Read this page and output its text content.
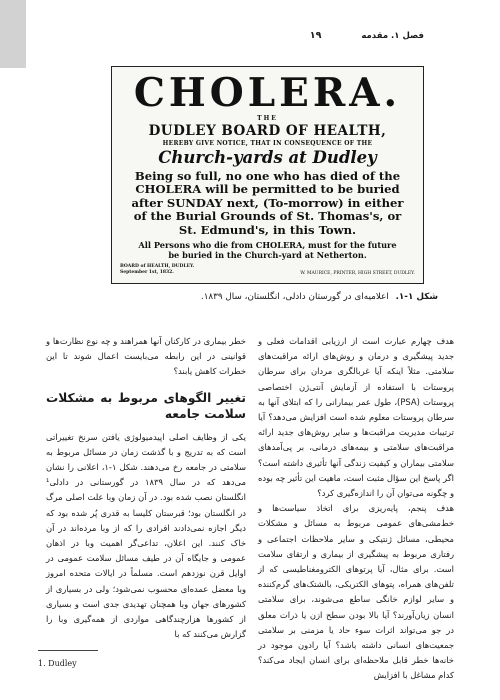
فصل ۱. مقدمه
۱۹
CHOLERA.
THE
DUDLEY BOARD OF HEALTH,
HEREBY GIVE NOTICE, THAT IN CONSEQUENCE OF THE
Church-yards at Dudley
Being so full, no one who has died of the
CHOLERA will be permitted to be buried
after SUNDAY next, (To-morrow) in either
of the Burial Grounds of St. Thomas's, or
St. Edmund's, in this Town.
All Persons who die from CHOLERA, must for the future
be buried in the Church-yard at Netherton.
BOARD of HEALTH, DUDLEY.
September 1st, 1832.	W. MAURICE, PRINTER, HIGH STREET, DUDLEY.
شکل ۱-۱. اعلامیه‌ای در گورستان دادلی، انگلستان، سال ۱۸۳۹.

هدف چهارم عبارت است از ارزیابی اقدامات فعلی و جدید پیشگیری و درمان و روش‌های ارائه مراقبت‌های سلامتی. مثلاً اینکه آیا غربالگری مردان برای سرطان پروستات با استفاده از آزمایش آنتی‌ژن اختصاصی پروستات (PSA)، طول عمر بیمارانی را که ابتلای آنها به سرطان پروستات معلوم شده است افزایش می‌دهد؟ آیا ترتیبات مدیریت مراقبت‌ها و سایر روش‌های جدید ارائه مراقبت‌های سلامتی و بیمه‌های درمانی، بر پی‌آمدهای سلامتی بیماران و کیفیت زندگی آنها تأثیری داشته است؟ اگر پاسخ این سؤال مثبت است، ماهیت این تأثیر چه بوده و چگونه می‌توان آن را اندازه‌گیری کرد؟

هدف پنجم، پایه‌ریزی برای اتخاذ سیاست‌ها و خط‌مشی‌های عمومی مربوط به مسائل و مشکلات محیطی، مسائل ژنتیکی و سایر ملاحظات اجتماعی و رفتاری مربوط به پیشگیری از بیماری و ارتقای سلامت است. برای مثال، آیا پرتوهای الکترومغناطیسی که از تلفن‌های همراه، پتوهای الکتریکی، بالشتک‌های گرم‌کننده و سایر لوازم خانگی ساطع می‌شوند، برای سلامتی انسان زیان‌آورند؟ آیا بالا بودن سطح ازن یا ذرات معلق در جو می‌تواند اثرات سوء حاد یا مزمنی بر سلامتی جمعیت‌های انسانی داشته باشد؟ آیا رادون موجود در خانه‌ها خطر قابل ملاحظه‌ای برای انسان ایجاد می‌کند؟ کدام مشاغل با افزایش

خطر بیماری در کارکنان آنها همراهند و چه نوع نظارت‌ها و قوانینی در این رابطه می‌بایست اعمال شوند تا این خطرات کاهش یابند؟

تغییر الگوهای مربوط به مشکلات سلامت جامعه

یکی از وظایف اصلی اپیدمیولوژی یافتن سرنخ تغییراتی است که به تدریج و با گذشت زمان در مسائل مربوط به سلامتی در جامعه رخ می‌دهند. شکل ۱-۱، اعلانی را نشان می‌دهد که در سال ۱۸۳۹ در گورستانی در دادلی¹ انگلستان نصب شده بود. در آن زمان وبا علت اصلی مرگ در انگلستان بود؛ قبرستان کلیسا به قدری پُر شده بود که دیگر اجازه نمی‌دادند افرادی را که از وبا مرده‌اند در آن خاک کنند. این اعلان، تداعی‌گر اهمیت وبا در اذهان عمومی و جایگاه آن در طیف مسائل سلامت عمومی در اوایل قرن نوزدهم است. مسلماً در ایالات متحده امروز وبا معضل عمده‌ای محسوب نمی‌شود؛ ولی در بسیاری از کشورهای جهان وبا همچنان تهدیدی جدی است و بسیاری از کشورها هزارچندگاهی مواردی از همه‌گیری وبا را گزارش می‌کنند که با

1. Dudley
